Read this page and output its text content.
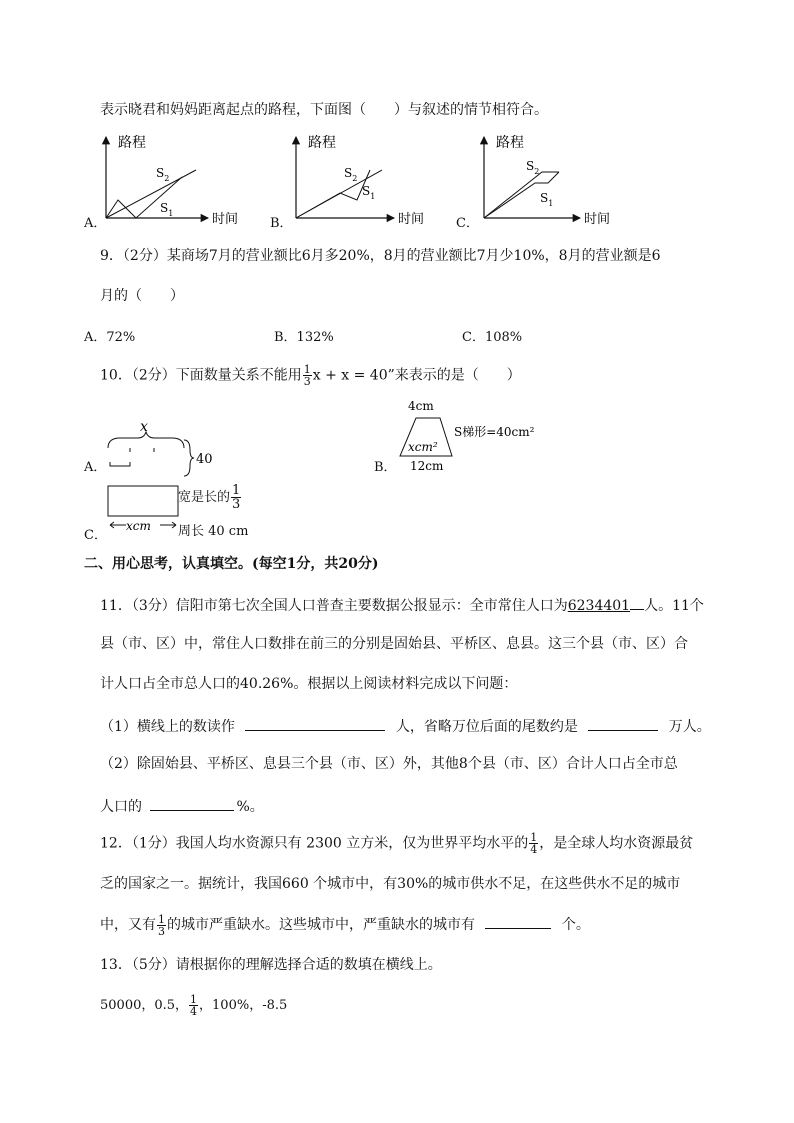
表示晓君和妈妈距离起点的路程，下面图（　　）与叙述的情节相符合。
路程
时间
$S_2$
$S_1$
路程
时间
$S_2$
$S_1$
路程
时间
$S_2$
$S_1$
A．	B．	C．
9．（2分）某商场7月的营业额比6月多20%，8月的营业额比7月少10%，8月的营业额是6
月的（　　）
A．72%	B．132%	C．108%
10．（2分）下面数量关系不能用 $\frac{1}{3}$ x + x = 40”来表示的是（　　）
A．
x
40
B．
4cm
xcm²
12cm
S梯形=40cm²
C．
xcm
宽是长的 $\frac{1}{3}$
周长 40 cm
二、用心思考，认真填空。(每空1分，共20分)
11．（3分）信阳市第七次全国人口普查主要数据公报显示：全市常住人口为6234401 人。11个
县（市、区）中，常住人口数排在前三的分别是固始县、平桥区、息县。这三个县（市、区）合
计人口占全市总人口的40.26%。根据以上阅读材料完成以下问题：
（1）横线上的数读作	人，省略万位后面的尾数约是	万人。
（2）除固始县、平桥区、息县三个县（市、区）外，其他8个县（市、区）合计人口占全市总
人口的	%。
12．（1分）我国人均水资源只有 2300 立方米，仅为世界平均水平的 $\frac{1}{4}$ ，是全球人均水资源最贫
乏的国家之一。据统计，我国660 个城市中，有30%的城市供水不足，在这些供水不足的城市
中，又有 $\frac{1}{3}$ 的城市严重缺水。这些城市中，严重缺水的城市有	个。
13．（5分）请根据你的理解选择合适的数填在横线上。
50000，0.5， $\frac{1}{4}$ ，100%，-8.5
